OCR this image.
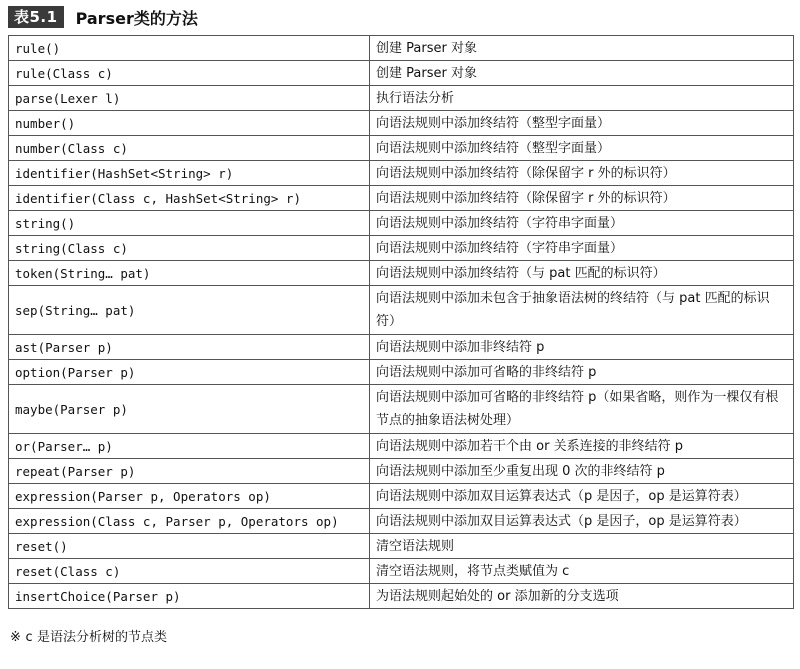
表5.1	Parser类的方法
rule()	创建 Parser 对象
rule(Class c)	创建 Parser 对象
parse(Lexer l)	执行语法分析
number()	向语法规则中添加终结符（整型字面量）
number(Class c)	向语法规则中添加终结符（整型字面量）
identifier(HashSet<String> r)	向语法规则中添加终结符（除保留字 r 外的标识符）
identifier(Class c, HashSet<String> r)	向语法规则中添加终结符（除保留字 r 外的标识符）
string()	向语法规则中添加终结符（字符串字面量）
string(Class c)	向语法规则中添加终结符（字符串字面量）
token(String… pat)	向语法规则中添加终结符（与 pat 匹配的标识符）
sep(String… pat)	向语法规则中添加未包含于抽象语法树的终结符（与 pat 匹配的标识符）
ast(Parser p)	向语法规则中添加非终结符 p
option(Parser p)	向语法规则中添加可省略的非终结符 p
maybe(Parser p)	向语法规则中添加可省略的非终结符 p（如果省略，则作为一棵仅有根节点的抽象语法树处理）
or(Parser… p)	向语法规则中添加若干个由 or 关系连接的非终结符 p
repeat(Parser p)	向语法规则中添加至少重复出现 0 次的非终结符 p
expression(Parser p, Operators op)	向语法规则中添加双目运算表达式（p 是因子，op 是运算符表）
expression(Class c, Parser p, Operators op)	向语法规则中添加双目运算表达式（p 是因子，op 是运算符表）
reset()	清空语法规则
reset(Class c)	清空语法规则，将节点类赋值为 c
insertChoice(Parser p)	为语法规则起始处的 or 添加新的分支选项
※ c 是语法分析树的节点类
